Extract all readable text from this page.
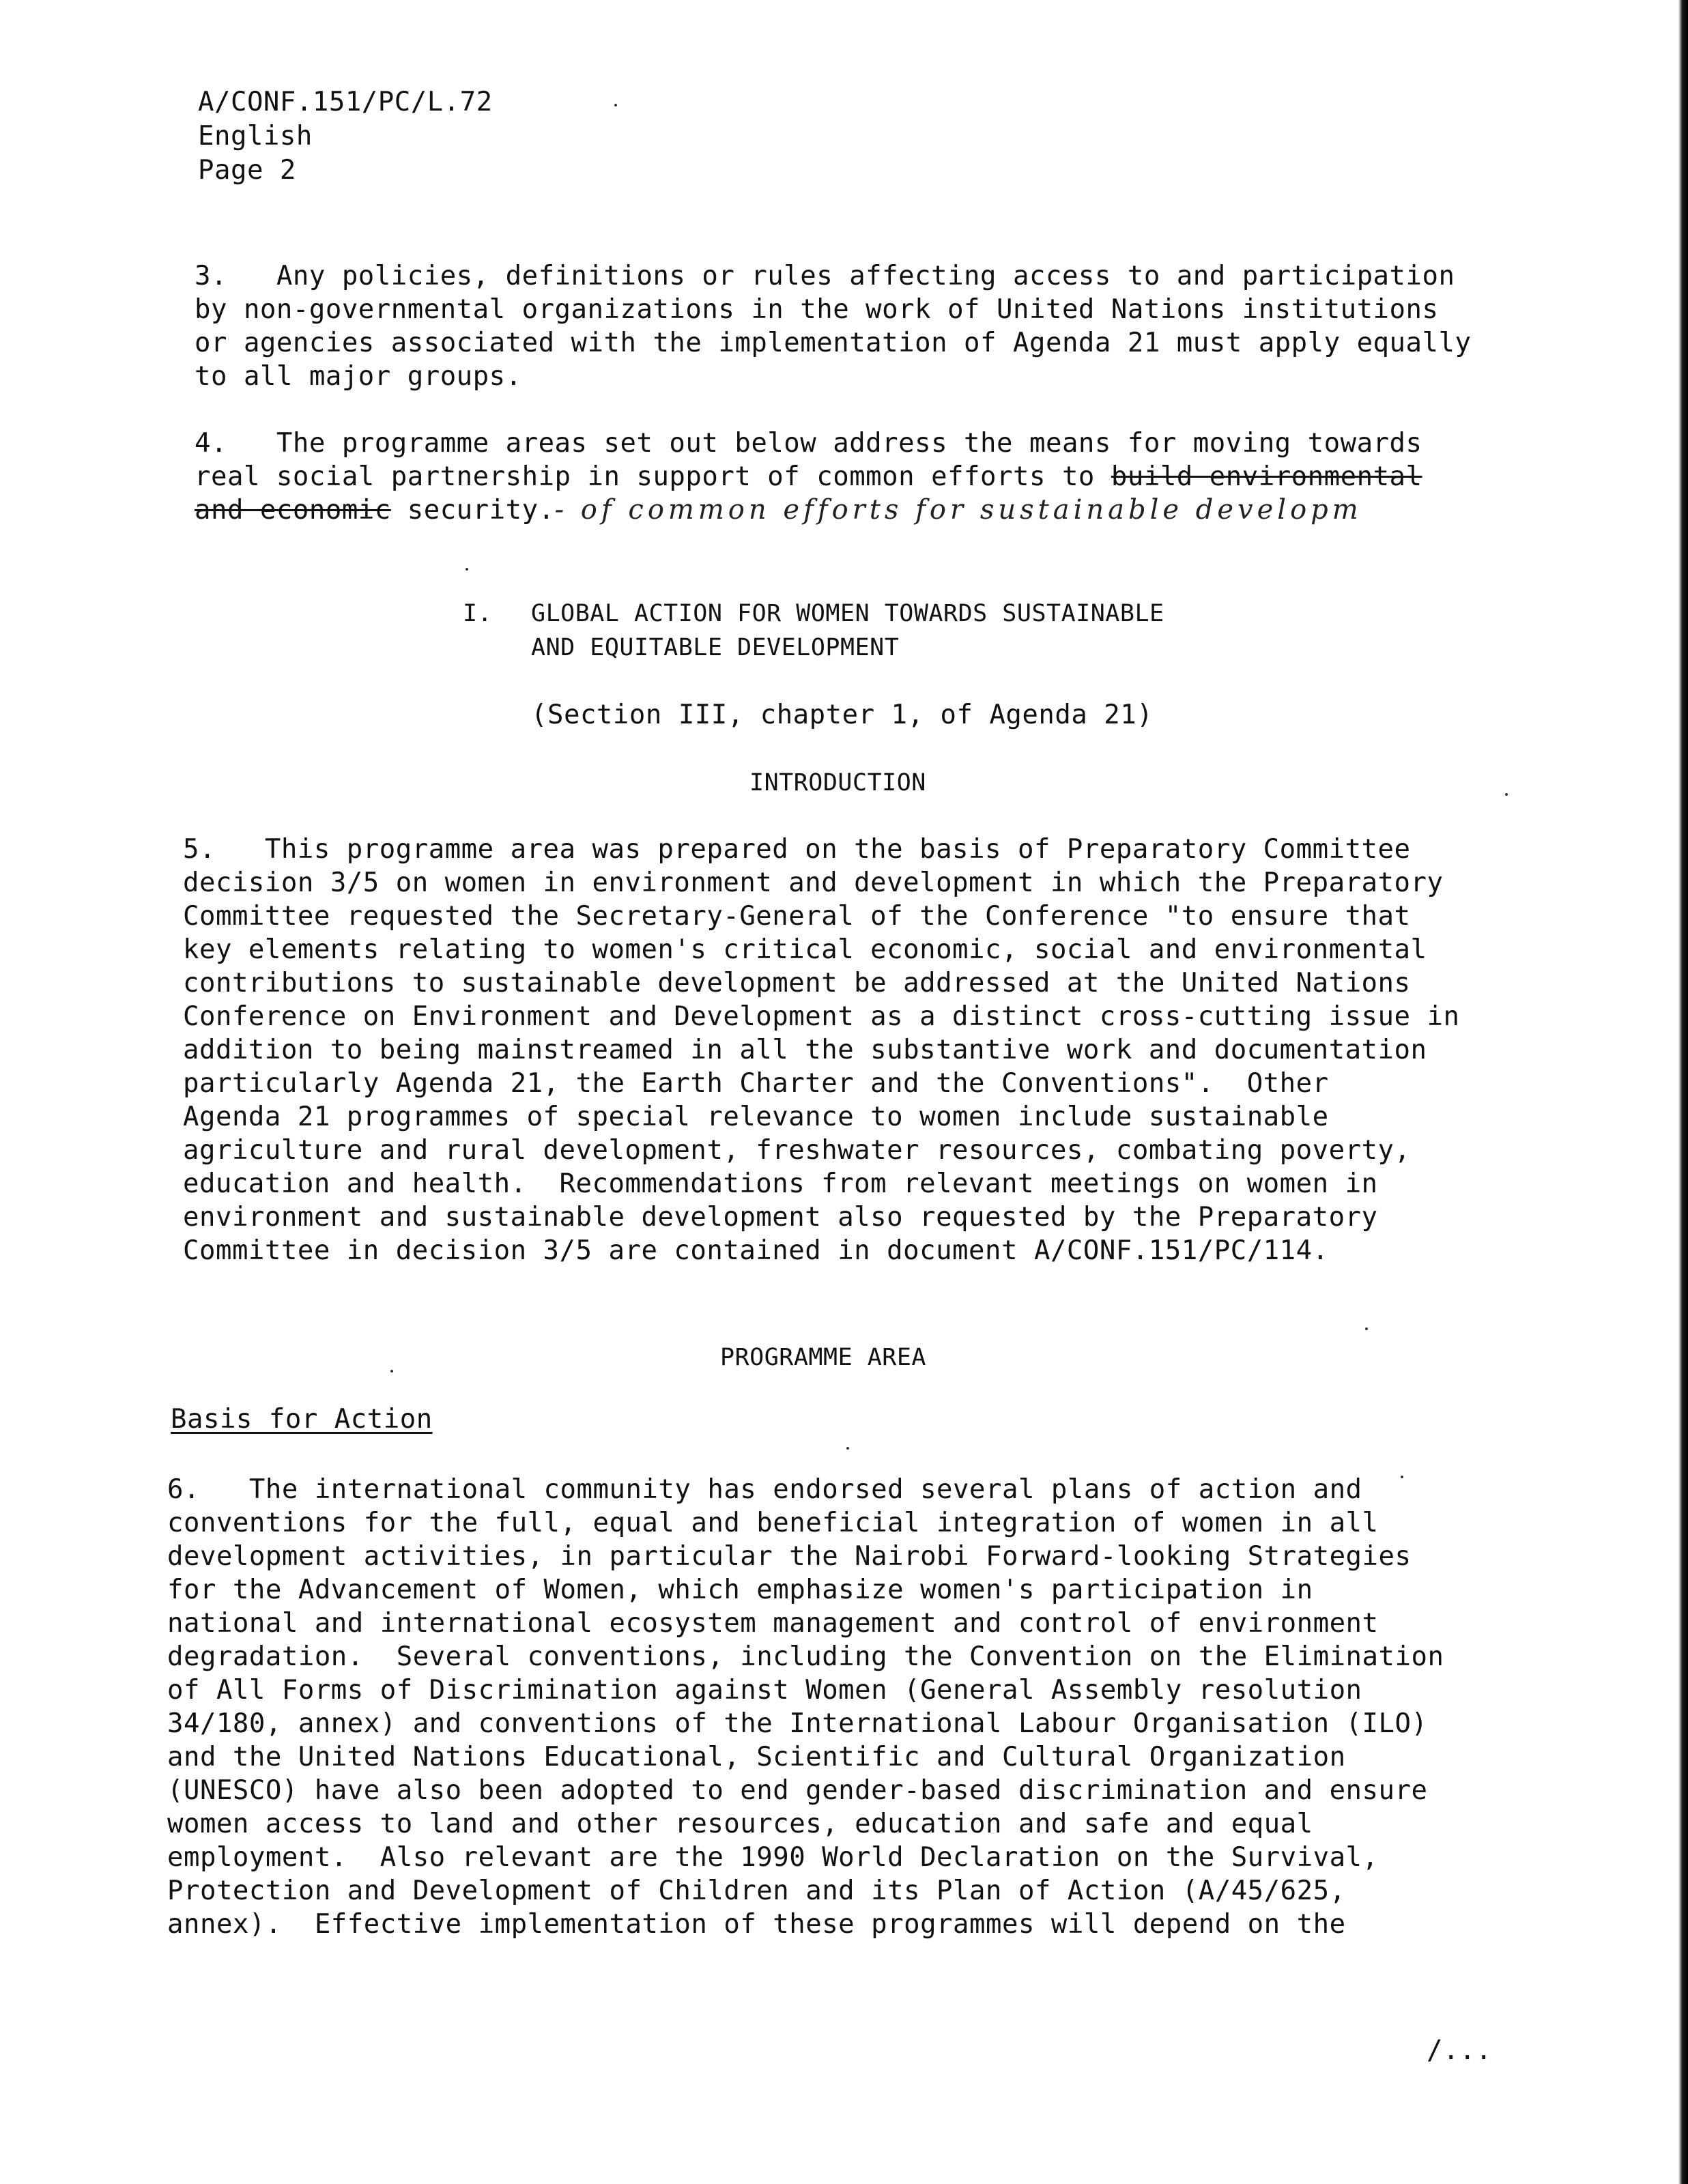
A/CONF.151/PC/L.72
English
Page 2
3.   Any policies, definitions or rules affecting access to and participation
by non-governmental organizations in the work of United Nations institutions
or agencies associated with the implementation of Agenda 21 must apply equally
to all major groups.
4.   The programme areas set out below address the means for moving towards
real social partnership in support of common efforts to build environmental
and economic security.- of common efforts for sustainable developm
I. GLOBAL ACTION FOR WOMEN TOWARDS SUSTAINABLE
AND EQUITABLE DEVELOPMENT
(Section III, chapter 1, of Agenda 21)
INTRODUCTION
5.   This programme area was prepared on the basis of Preparatory Committee
decision 3/5 on women in environment and development in which the Preparatory
Committee requested the Secretary-General of the Conference "to ensure that
key elements relating to women's critical economic, social and environmental
contributions to sustainable development be addressed at the United Nations
Conference on Environment and Development as a distinct cross-cutting issue in
addition to being mainstreamed in all the substantive work and documentation
particularly Agenda 21, the Earth Charter and the Conventions".  Other
Agenda 21 programmes of special relevance to women include sustainable
agriculture and rural development, freshwater resources, combating poverty,
education and health.  Recommendations from relevant meetings on women in
environment and sustainable development also requested by the Preparatory
Committee in decision 3/5 are contained in document A/CONF.151/PC/114.
PROGRAMME AREA
Basis for Action
6.   The international community has endorsed several plans of action and
conventions for the full, equal and beneficial integration of women in all
development activities, in particular the Nairobi Forward-looking Strategies
for the Advancement of Women, which emphasize women's participation in
national and international ecosystem management and control of environment
degradation.  Several conventions, including the Convention on the Elimination
of All Forms of Discrimination against Women (General Assembly resolution
34/180, annex) and conventions of the International Labour Organisation (ILO)
and the United Nations Educational, Scientific and Cultural Organization
(UNESCO) have also been adopted to end gender-based discrimination and ensure
women access to land and other resources, education and safe and equal
employment.  Also relevant are the 1990 World Declaration on the Survival,
Protection and Development of Children and its Plan of Action (A/45/625,
annex).  Effective implementation of these programmes will depend on the
/...
